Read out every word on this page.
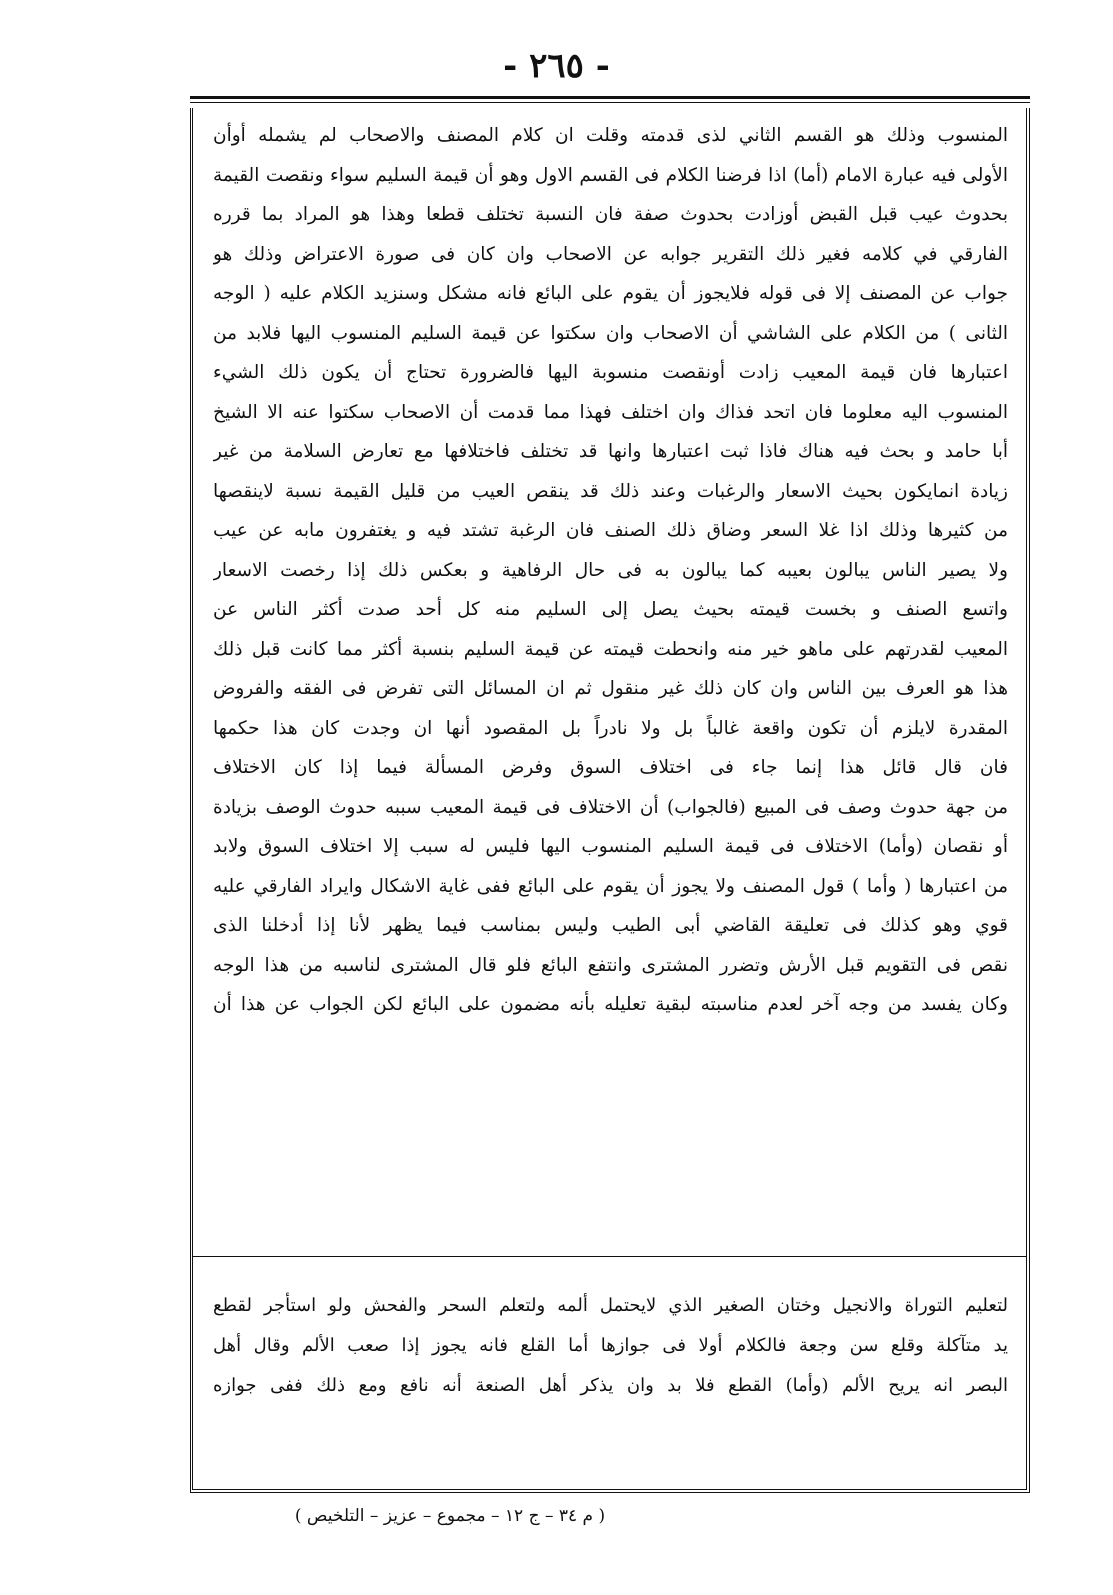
- ٢٦٥ -
المنسوب وذلك هو القسم الثاني لذى قدمته وقلت ان كلام المصنف والاصحاب لم يشمله أوأن
الأولى فيه عبارة الامام (أما) اذا فرضنا الكلام فى القسم الاول وهو أن قيمة السليم سواء ونقصت القيمة
بحدوث عيب قبل القبض أوزادت بحدوث صفة فان النسبة تختلف قطعا وهذا هو المراد بما قرره
الفارقي في كلامه فغير ذلك التقرير جوابه عن الاصحاب وان كان فى صورة الاعتراض وذلك هو
جواب عن المصنف إلا فى قوله فلايجوز أن يقوم على البائع فانه مشكل وسنزيد الكلام عليه ( الوجه
الثانى ) من الكلام على الشاشي أن الاصحاب وان سكتوا عن قيمة السليم المنسوب اليها فلابد من
اعتبارها فان قيمة المعيب زادت أونقصت منسوبة اليها فالضرورة تحتاج أن يكون ذلك الشيء
المنسوب اليه معلوما فان اتحد فذاك وان اختلف فهذا مما قدمت أن الاصحاب سكتوا عنه الا الشيخ
أبا حامد و بحث فيه هناك فاذا ثبت اعتبارها وانها قد تختلف فاختلافها مع تعارض السلامة من غير
زيادة انمايكون بحيث الاسعار والرغبات وعند ذلك قد ينقص العيب من قليل القيمة نسبة لاينقصها
من كثيرها وذلك اذا غلا السعر وضاق ذلك الصنف فان الرغبة تشتد فيه و يغتفرون مابه عن عيب
ولا يصير الناس يبالون بعيبه كما يبالون به فى حال الرفاهية و بعكس ذلك إذا رخصت الاسعار
واتسع الصنف و بخست قيمته بحيث يصل إلى السليم منه كل أحد صدت أكثر الناس عن
المعيب لقدرتهم على ماهو خير منه وانحطت قيمته عن قيمة السليم بنسبة أكثر مما كانت قبل ذلك
هذا هو العرف بين الناس وان كان ذلك غير منقول ثم ان المسائل التى تفرض فى الفقه والفروض
المقدرة لايلزم أن تكون واقعة غالباً بل ولا نادراً بل المقصود أنها ان وجدت كان هذا حكمها
فان قال قائل هذا إنما جاء فى اختلاف السوق وفرض المسألة فيما إذا كان الاختلاف
من جهة حدوث وصف فى المبيع (فالجواب) أن الاختلاف فى قيمة المعيب سببه حدوث الوصف بزيادة
أو نقصان (وأما) الاختلاف فى قيمة السليم المنسوب اليها فليس له سبب إلا اختلاف السوق ولابد
من اعتبارها ( وأما ) قول المصنف ولا يجوز أن يقوم على البائع ففى غاية الاشكال وايراد الفارقي عليه
قوي وهو كذلك فى تعليقة القاضي أبى الطيب وليس بمناسب فيما يظهر لأنا إذا أدخلنا الذى
نقص فى التقويم قبل الأرش وتضرر المشترى وانتفع البائع فلو قال المشترى لناسبه من هذا الوجه
وكان يفسد من وجه آخر لعدم مناسبته لبقية تعليله بأنه مضمون على البائع لكن الجواب عن هذا أن
لتعليم التوراة والانجيل وختان الصغير الذي لايحتمل ألمه ولتعلم السحر والفحش ولو استأجر لقطع
يد متآكلة وقلع سن وجعة فالكلام أولا فى جوازها أما القلع فانه يجوز إذا صعب الألم وقال أهل
البصر انه يريح الألم (وأما) القطع فلا بد وان يذكر أهل الصنعة أنه نافع ومع ذلك ففى جوازه
( م ٣٤ – ج ١٢ – مجموع – عزيز – التلخيص )
